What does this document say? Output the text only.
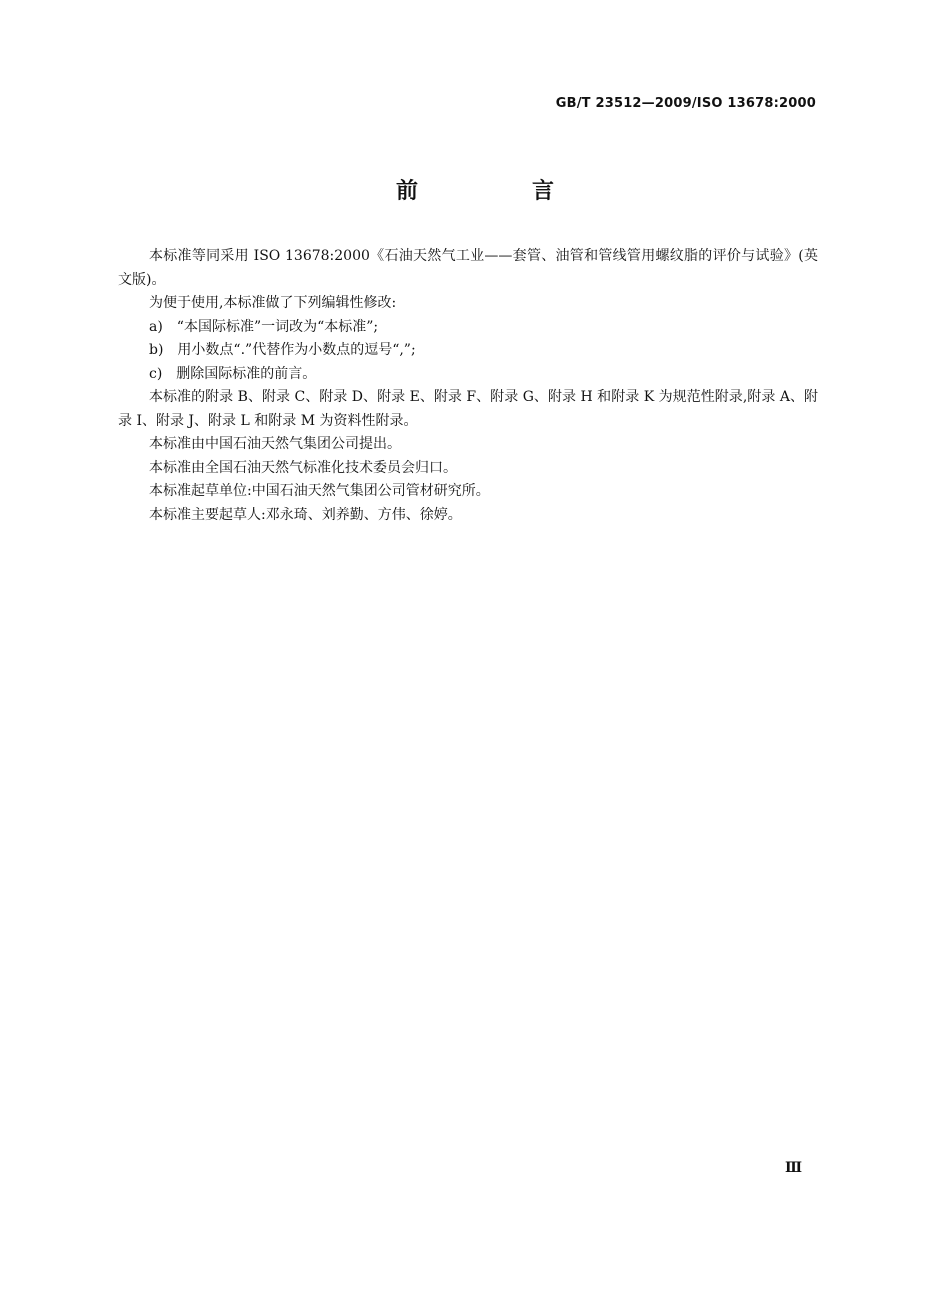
GB/T 23512—2009/ISO 13678:2000
前　言

本标准等同采用 ISO 13678:2000《石油天然气工业——套管、油管和管线管用螺纹脂的评价与试验》(英文版)。

为便于使用,本标准做了下列编辑性修改:

a)　“本国际标准”一词改为“本标准”;

b)　用小数点“.”代替作为小数点的逗号“,”;

c)　删除国际标准的前言。

本标准的附录 B、附录 C、附录 D、附录 E、附录 F、附录 G、附录 H 和附录 K 为规范性附录,附录 A、附录 I、附录 J、附录 L 和附录 M 为资料性附录。

本标准由中国石油天然气集团公司提出。

本标准由全国石油天然气标准化技术委员会归口。

本标准起草单位:中国石油天然气集团公司管材研究所。

本标准主要起草人:邓永琦、刘养勤、方伟、徐婷。

Ⅲ
